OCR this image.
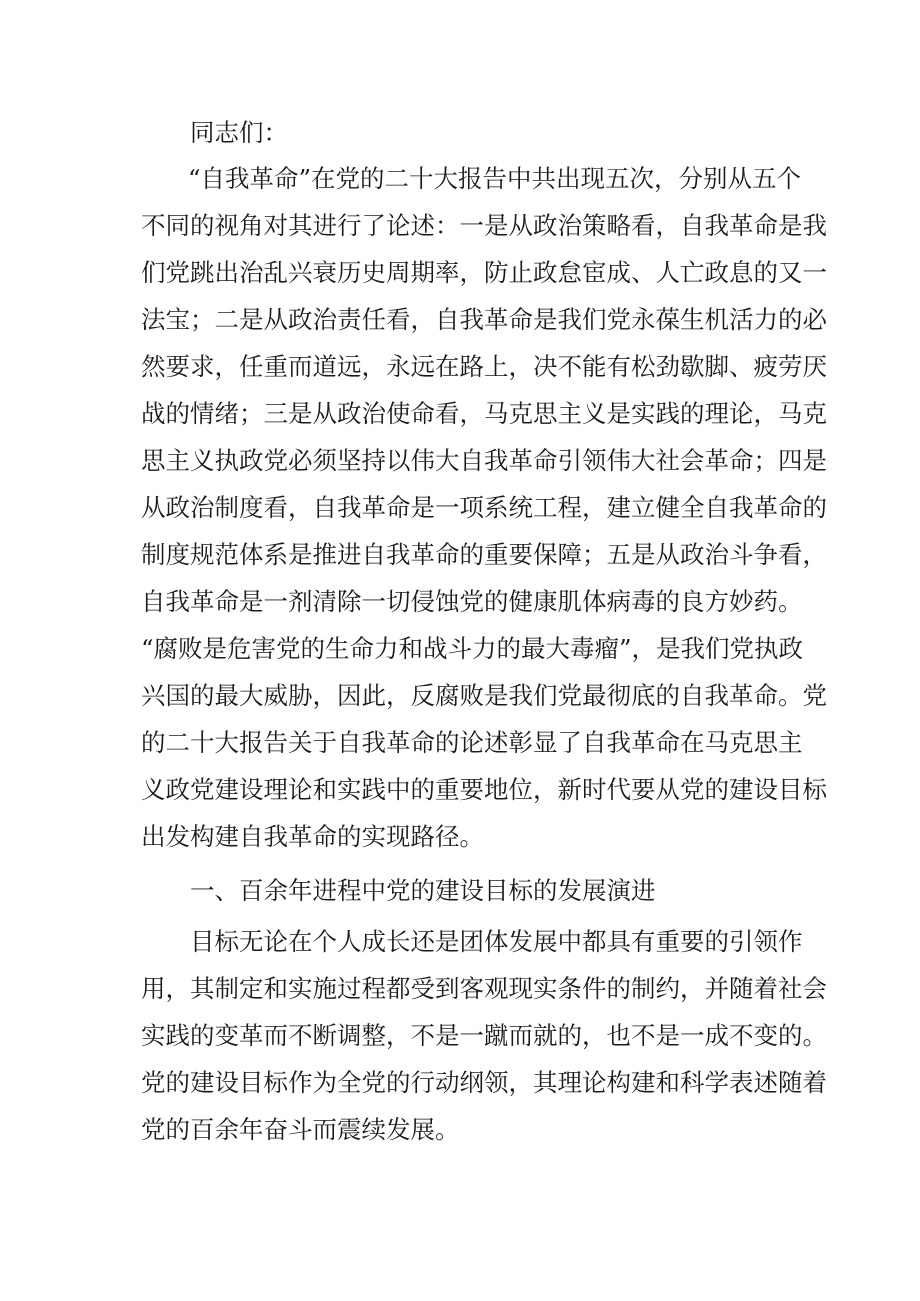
同志们：
“自我革命”在党的二十大报告中共出现五次，分别从五个
不同的视角对其进行了论述：一是从政治策略看，自我革命是我
们党跳出治乱兴衰历史周期率，防止政怠宦成、人亡政息的又一
法宝；二是从政治责任看，自我革命是我们党永葆生机活力的必
然要求，任重而道远，永远在路上，决不能有松劲歇脚、疲劳厌
战的情绪；三是从政治使命看，马克思主义是实践的理论，马克
思主义执政党必须坚持以伟大自我革命引领伟大社会革命；四是
从政治制度看，自我革命是一项系统工程，建立健全自我革命的
制度规范体系是推进自我革命的重要保障；五是从政治斗争看，
自我革命是一剂清除一切侵蚀党的健康肌体病毒的良方妙药。
“腐败是危害党的生命力和战斗力的最大毒瘤”，是我们党执政
兴国的最大威胁，因此，反腐败是我们党最彻底的自我革命。党
的二十大报告关于自我革命的论述彰显了自我革命在马克思主
义政党建设理论和实践中的重要地位，新时代要从党的建设目标
出发构建自我革命的实现路径。
一、百余年进程中党的建设目标的发展演进
目标无论在个人成长还是团体发展中都具有重要的引领作
用，其制定和实施过程都受到客观现实条件的制约，并随着社会
实践的变革而不断调整，不是一蹴而就的，也不是一成不变的。
党的建设目标作为全党的行动纲领，其理论构建和科学表述随着
党的百余年奋斗而震续发展。
